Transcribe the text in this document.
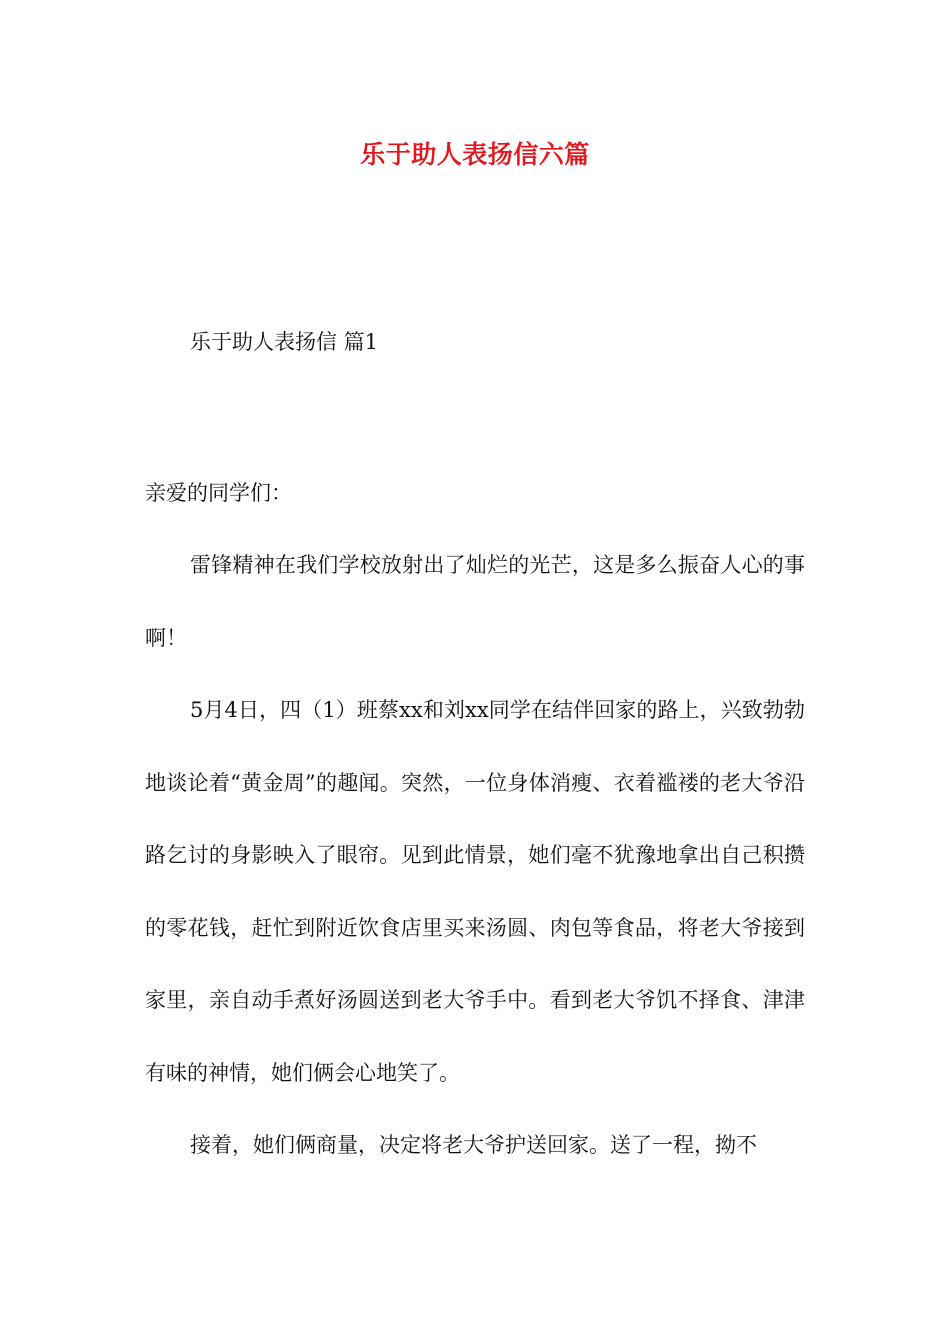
乐于助人表扬信六篇
乐于助人表扬信 篇1

亲爱的同学们：

雷锋精神在我们学校放射出了灿烂的光芒，这是多么振奋人心的事啊！

5月4日，四（1）班蔡xx和刘xx同学在结伴回家的路上，兴致勃勃地谈论着“黄金周”的趣闻。突然，一位身体消瘦、衣着褴褛的老大爷沿路乞讨的身影映入了眼帘。见到此情景，她们毫不犹豫地拿出自己积攒的零花钱，赶忙到附近饮食店里买来汤圆、肉包等食品，将老大爷接到家里，亲自动手煮好汤圆送到老大爷手中。看到老大爷饥不择食、津津有味的神情，她们俩会心地笑了。

接着，她们俩商量，决定将老大爷护送回家。送了一程，拗不
